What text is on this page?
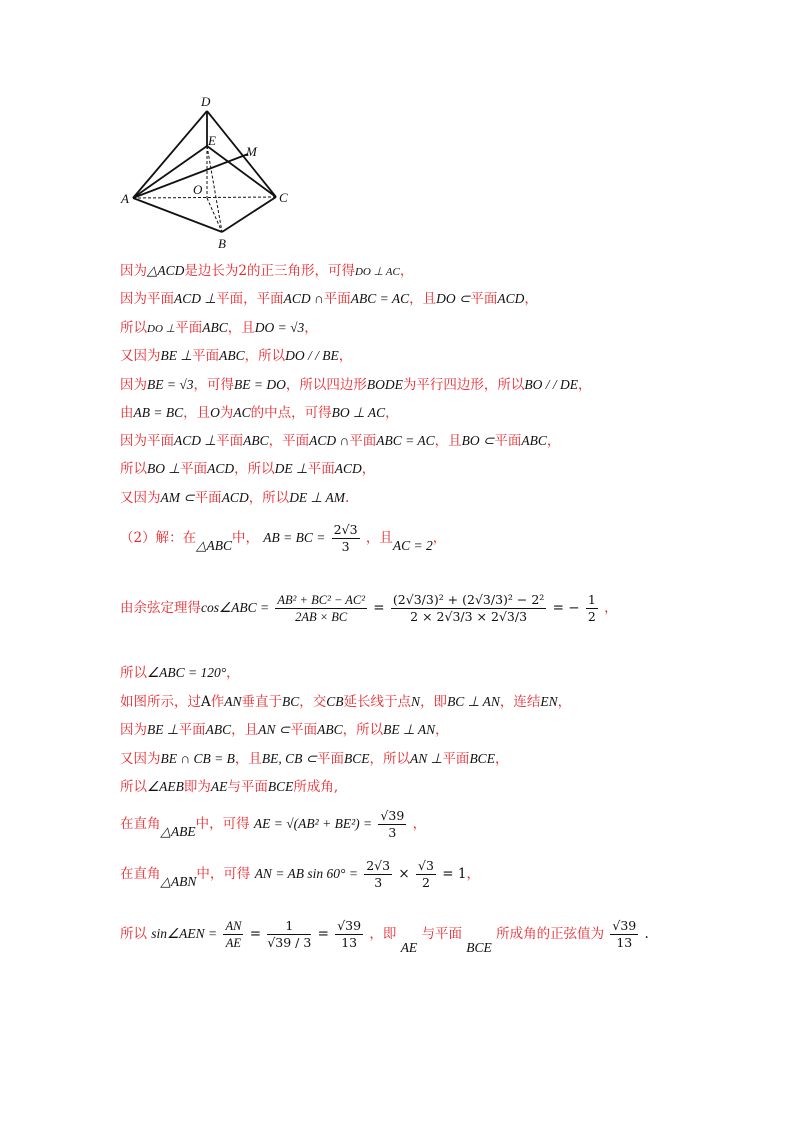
D
E
M
O
A	C
B
因为△ACD是边长为2的正三角形，可得DO ⊥ AC，
因为平面ACD ⊥平面，平面ACD ∩平面ABC = AC，且DO ⊂平面ACD，
所以DO ⊥平面ABC，且DO = √3，
又因为BE ⊥平面ABC，所以DO / / BE，
因为BE = √3，可得BE = DO，所以四边形BODE为平行四边形，所以BO / / DE，
由AB = BC，且O为AC的中点，可得BO ⊥ AC，
因为平面ACD ⊥平面ABC，平面ACD ∩平面ABC = AC，且BO ⊂平面ABC，
所以BO ⊥平面ACD，所以DE ⊥平面ACD，
又因为AM ⊂平面ACD，所以DE ⊥ AM.
（2）解：在△ABC中， AB = BC = $\frac{2√3}{3}$ ，且AC = 2，
由余弦定理得cos∠ABC = $\frac{\text{AB² + BC² − AC²}}{2AB \times BC} = \frac{\text{(2√3/3)² + (2√3/3)² − 2²}}{2 \times 2√3/3 \times 2√3/3}$ = − $\frac{1}{2}$ ，
所以∠ABC = 120°，
如图所示，过A作AN垂直于BC，交CB延长线于点N，即BC ⊥ AN，连结EN，
因为BE ⊥平面ABC，且AN ⊂平面ABC，所以BE ⊥ AN，
又因为BE ∩ CB = B，且BE, CB ⊂平面BCE，所以AN ⊥平面BCE，
所以∠AEB即为AE与平面BCE所成角,
在直角△ABE中，可得 AE = $√(AB^2 + BE^2) = \frac{√39}{3}$ ，
在直角△ABN中，可得 AN = AB $\sin 60^\circ = \frac{2√3}{3} \times \frac{√3}{2} = 1$，
所以 sin∠AEN = $\frac{AN}{AE} = \frac{1}{√39 / 3} = \frac{√39}{13}$ ，即 AE 与平面 BCE 所成角的正弦值为 $\frac{√39}{13}$ .
